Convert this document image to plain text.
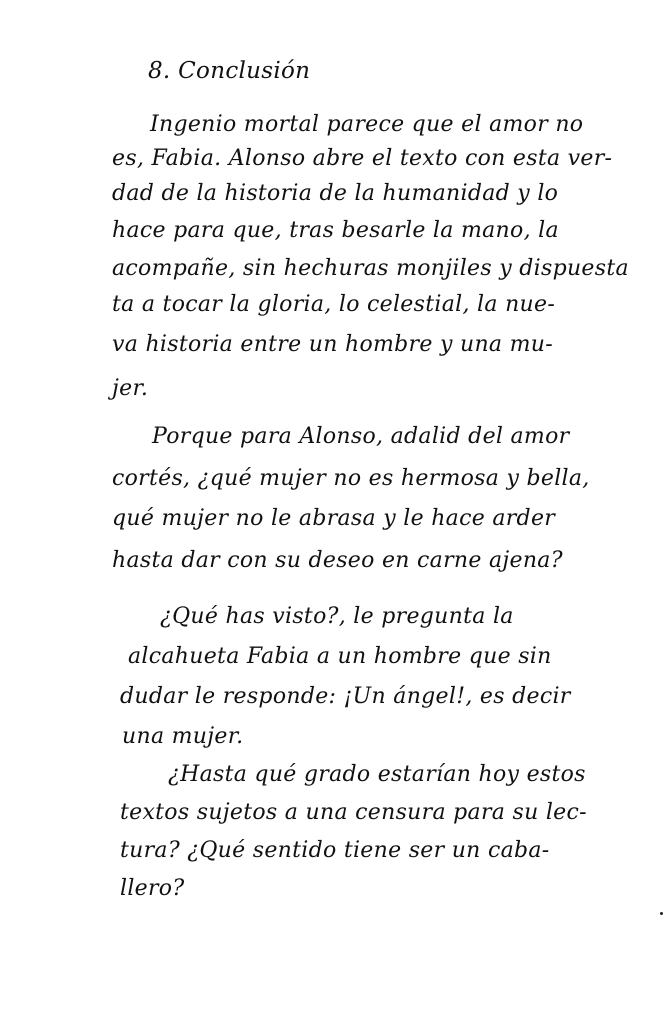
8. Conclusión
Ingenio mortal parece que el amor no
es, Fabia. Alonso abre el texto con esta ver-
dad de la historia de la humanidad y lo
hace para que, tras besarle la mano, la
acompañe, sin hechuras monjiles y dispuesta
ta a tocar la gloria, lo celestial, la nue-
va historia entre un hombre y una mu-
jer.
Porque para Alonso, adalid del amor
cortés, ¿qué mujer no es hermosa y bella,
qué mujer no le abrasa y le hace arder
hasta dar con su deseo en carne ajena?
¿Qué has visto?, le pregunta la
alcahueta Fabia a un hombre que sin
dudar le responde: ¡Un ángel!, es decir
una mujer.
¿Hasta qué grado estarían hoy estos
textos sujetos a una censura para su lec-
tura? ¿Qué sentido tiene ser un caba-
llero?
